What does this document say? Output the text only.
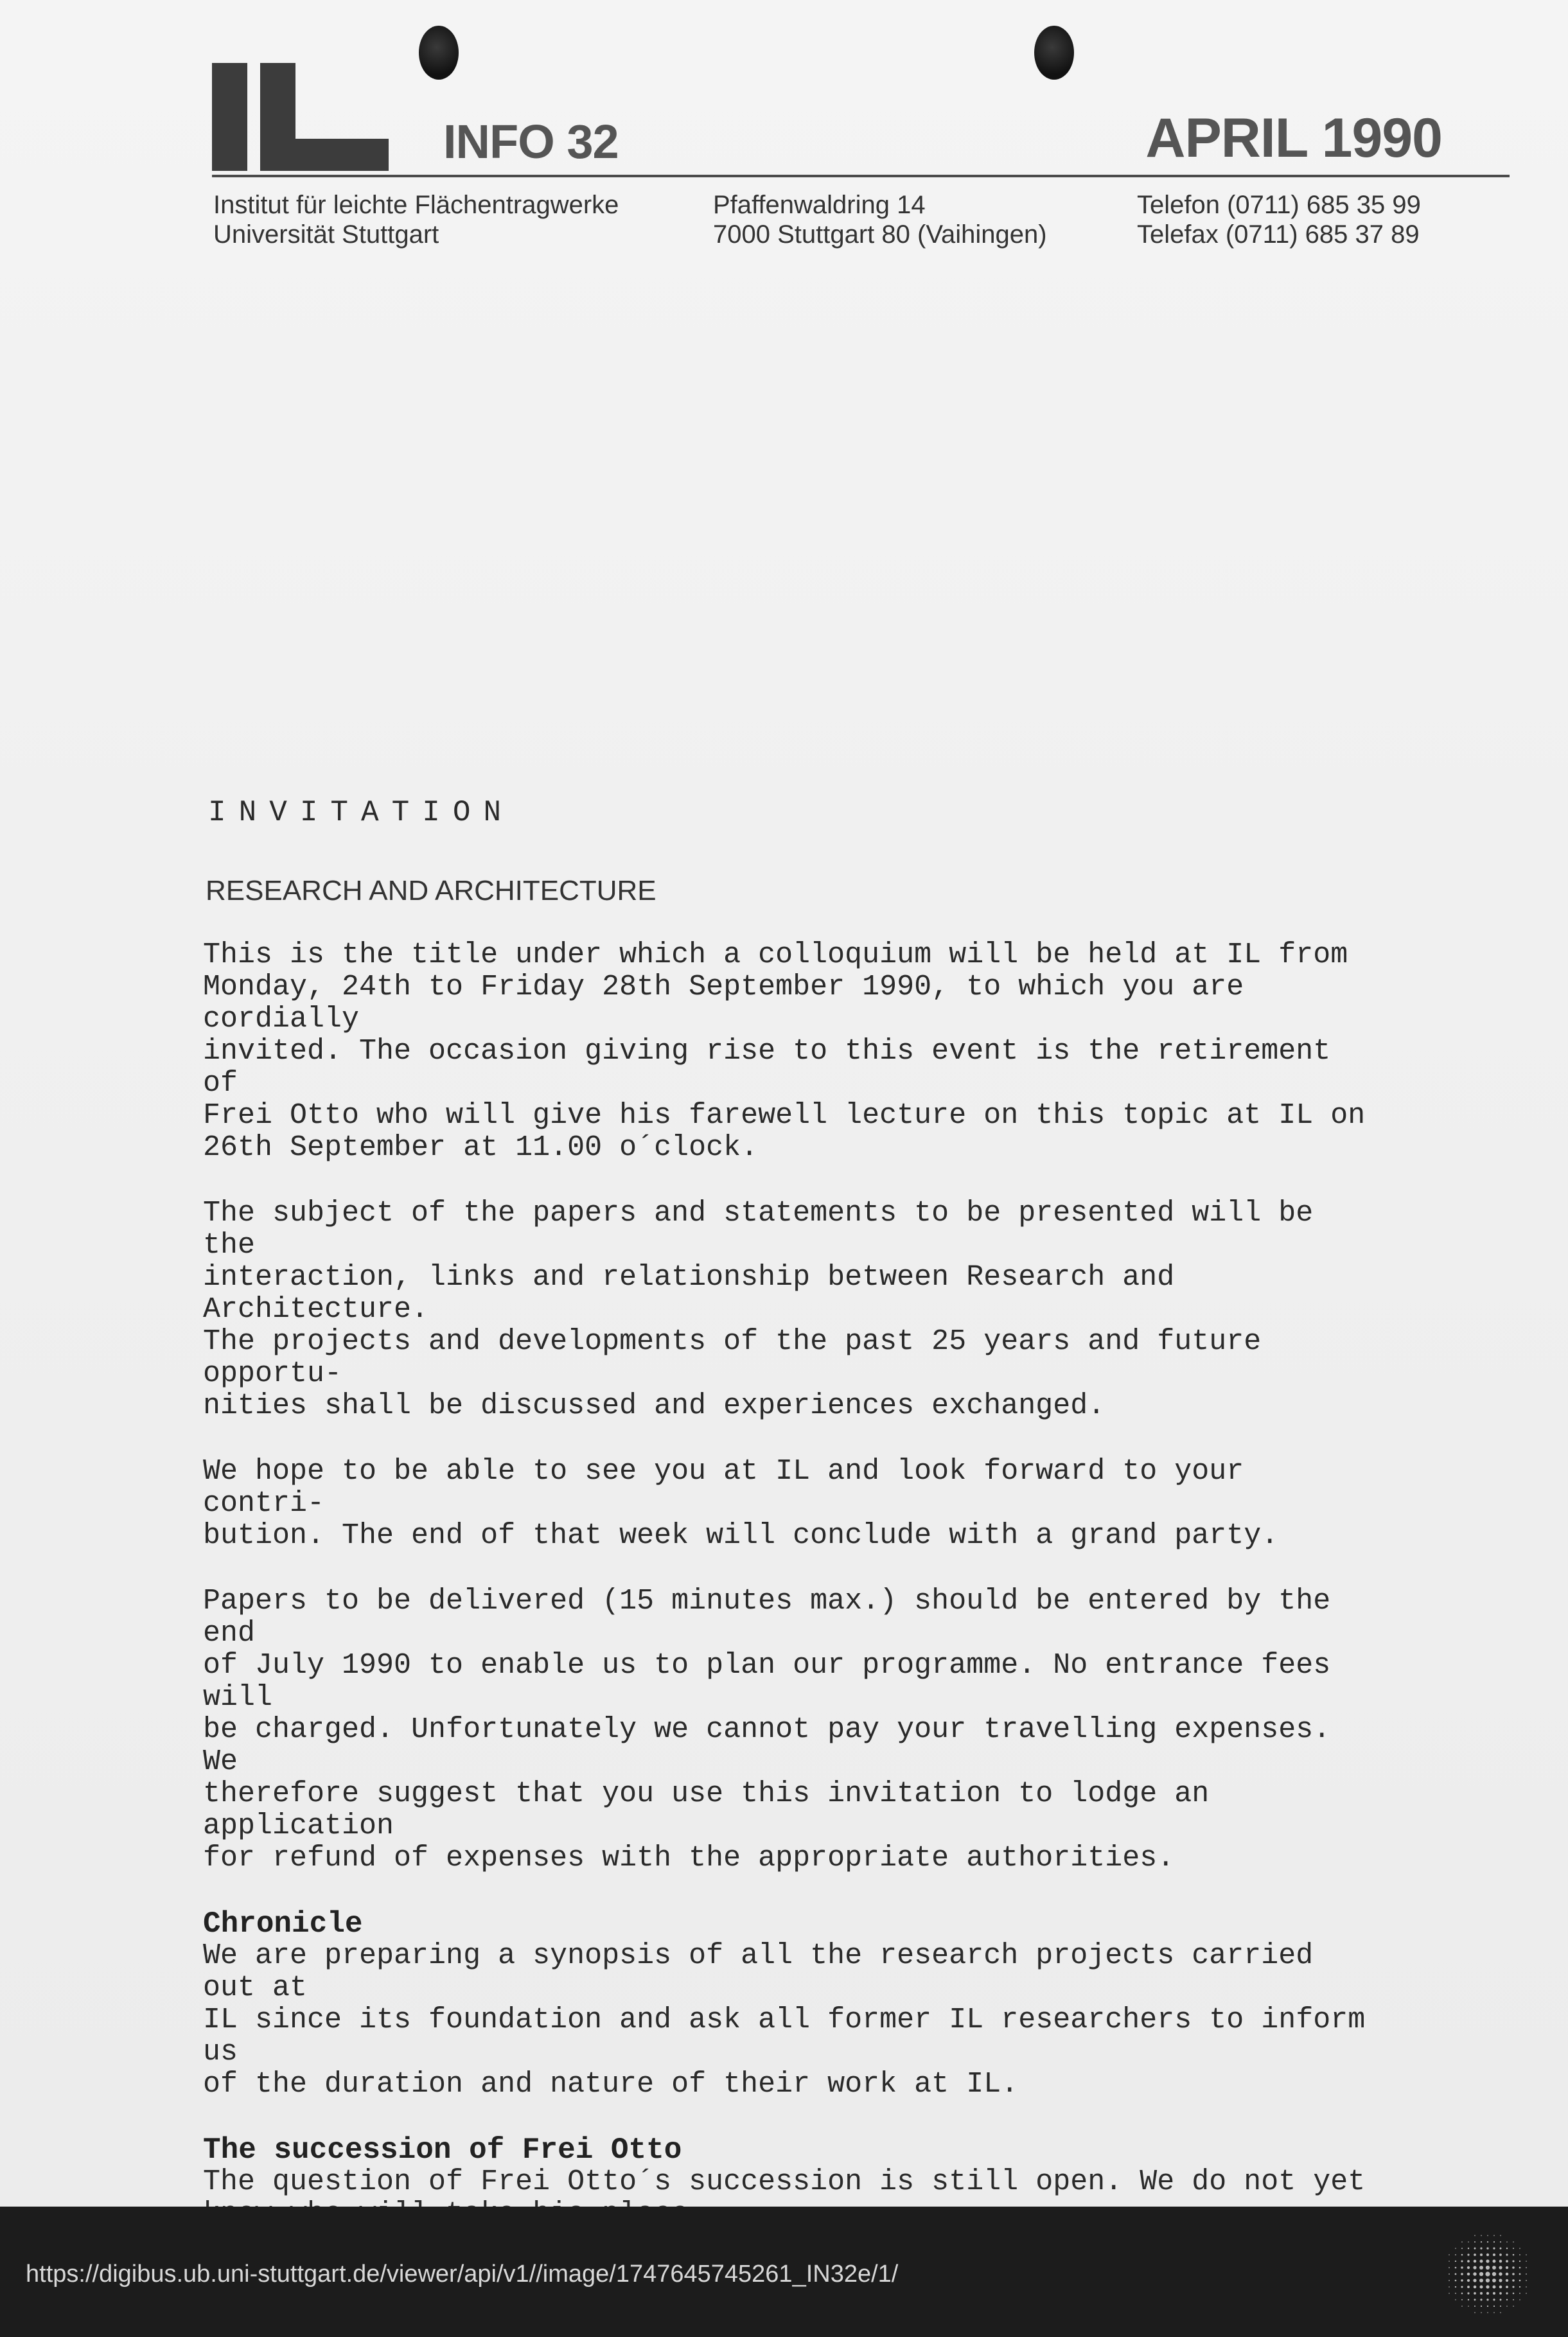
INFO 32	APRIL 1990
Institut für leichte Flächentragwerke
Universität Stuttgart
Pfaffenwaldring 14
7000 Stuttgart 80 (Vaihingen)
Telefon (0711) 685 35 99
Telefax (0711) 685 37 89
INVITATION
RESEARCH AND ARCHITECTURE
This is the title under which a colloquium will be held at IL from
Monday, 24th to Friday 28th September 1990, to which you are cordially
invited. The occasion giving rise to this event is the retirement of
Frei Otto who will give his farewell lecture on this topic at IL on
26th September at 11.00 o´clock.
The subject of the papers and statements to be presented will be the
interaction, links and relationship between Research and Architecture.
The projects and developments of the past 25 years and future opportu-
nities shall be discussed and experiences exchanged.
We hope to be able to see you at IL and look forward to your contri-
bution. The end of that week will conclude with a grand party.
Papers to be delivered (15 minutes max.) should be entered by the end
of July 1990 to enable us to plan our programme. No entrance fees will
be charged. Unfortunately we cannot pay your travelling expenses. We
therefore suggest that you use this invitation to lodge an application
for refund of expenses with the appropriate authorities.
Chronicle
We are preparing a synopsis of all the research projects carried out at
IL since its foundation and ask all former IL researchers to inform us
of the duration and nature of their work at IL.
The succession of Frei Otto
The question of Frei Otto´s succession is still open. We do not yet

https://digibus.ub.uni-stuttgart.de/viewer/api/v1//image/1747645745261_IN32e/1/
